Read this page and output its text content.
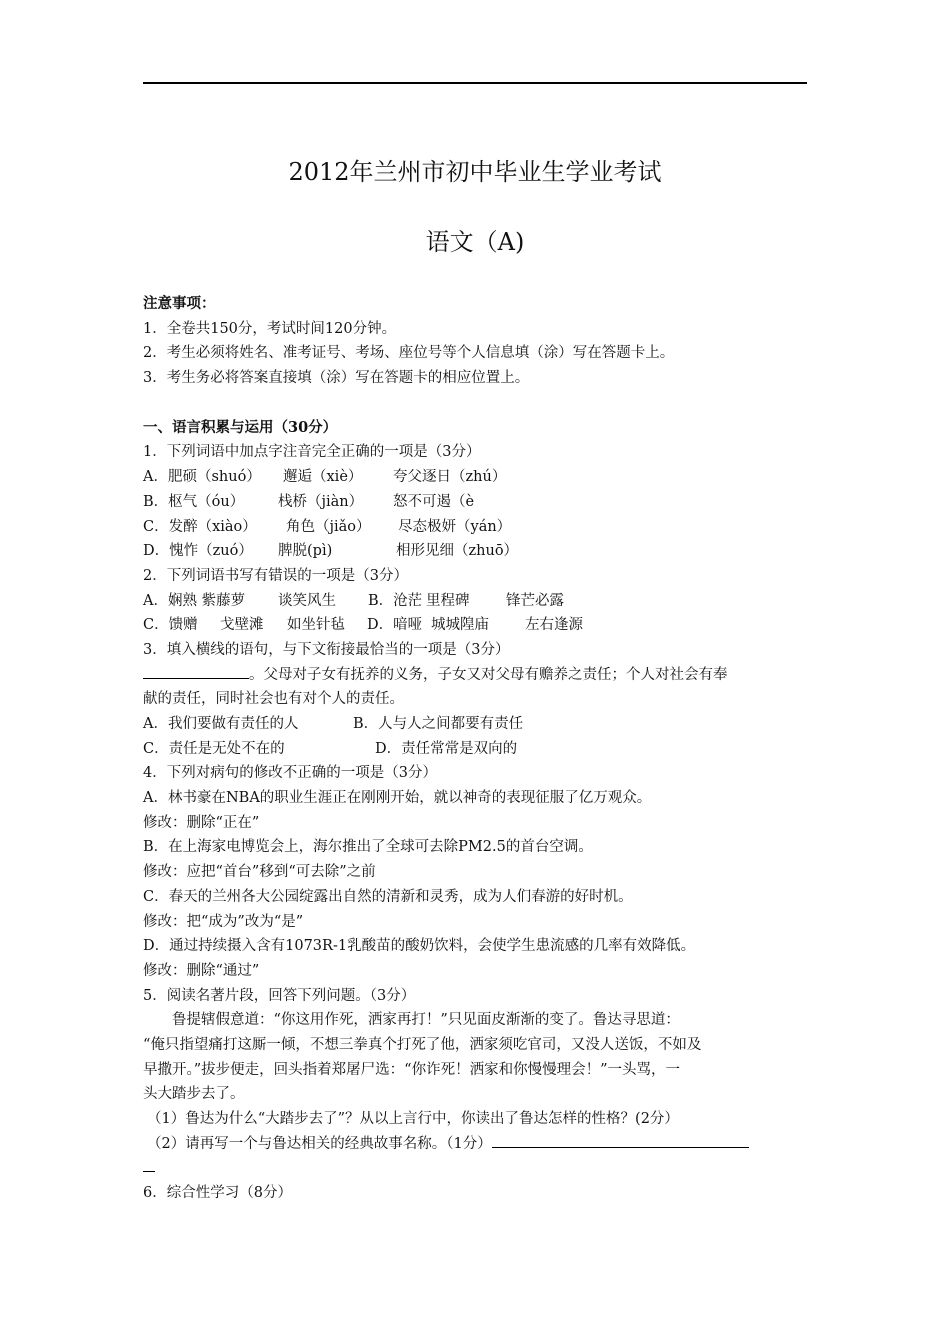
2012年兰州市初中毕业生学业考试
语文（A)
注意事项：
1．全卷共150分，考试时间120分钟。
2．考生必须将姓名、准考证号、考场、座位号等个人信息填（涂）写在答题卡上。
3．考生务必将答案直接填（涂）写在答题卡的相应位置上。
一、语言积累与运用（30分）
1．下列词语中加点字注音完全正确的一项是（3分）
A．肥硕（shuó） 邂逅（xiè） 夸父逐日（zhú）
B．枢气（óu） 栈桥（jiàn） 怒不可遏（è
C．发醉（xiào） 角色（jiǎo） 尽态极妍（yán）
D．愧怍（zuó） 脾脱(pì)	相形见细（zhuō）
2．下列词语书写有错误的一项是（3分）
A．娴熟 紫藤萝 谈笑风生 B．沧茫 里程碑	锋芒必露
C．馈赠 戈壁滩 如坐针毡 D．喑哑 城城隍庙 左右逢源
3．填入横线的语句，与下文衔接最恰当的一项是（3分）
。父母对子女有抚养的义务，子女又对父母有赡养之责任；个人对社会有奉
献的责任，同时社会也有对个人的责任。
A．我们要做有责任的人	B．人与人之间都要有责任
C．责任是无处不在的	D．责任常常是双向的
4．下列对病句的修改不正确的一项是（3分）
A．林书豪在NBA的职业生涯正在刚刚开始，就以神奇的表现征服了亿万观众。
修改：删除“正在”
B．在上海家电博览会上，海尔推出了全球可去除PM2.5的首台空调。
修改：应把“首台”移到“可去除”之前
C．春天的兰州各大公园绽露出自然的清新和灵秀，成为人们春游的好时机。
修改：把“成为”改为“是”
D．通过持续摄入含有1073R-1乳酸苗的酸奶饮料，会使学生患流感的几率有效降低。
修改：删除“通过”
5．阅读名著片段，回答下列问题。（3分）
鲁提辖假意道：“你这用作死，洒家再打！”只见面皮渐渐的变了。鲁达寻思道：
“俺只指望痛打这厮一倾，不想三拳真个打死了他，洒家须吃官司，又没人送饭，不如及
早撒开。”拔步便走，回头指着郑屠尸选：“你诈死！洒家和你慢慢理会！”一头骂，一
头大踏步去了。
（1）鲁达为什么“大踏步去了”？从以上言行中，你读出了鲁达怎样的性格？(2分）
（2）请再写一个与鲁达相关的经典故事名称。（1分）
6．综合性学习（8分）
